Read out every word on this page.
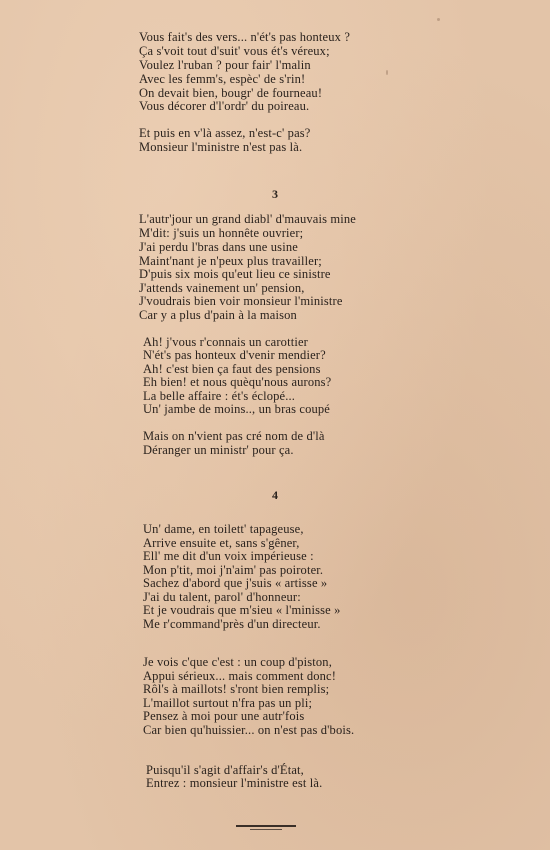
Vous fait's des vers... n'ét's pas honteux ?
Ça s'voit tout d'suit' vous ét's véreux;
Voulez l'ruban ? pour fair' l'malin
Avec les femm's, espèc' de s'rin!
On devait bien, bougr' de fourneau!
Vous décorer d'l'ordr' du poireau.
Et puis en v'là assez, n'est-c' pas?
Monsieur l'ministre n'est pas là.
3
L'autr'jour un grand diabl' d'mauvais mine
M'dit: j'suis un honnête ouvrier;
J'ai perdu l'bras dans une usine
Maint'nant je n'peux plus travailler;
D'puis six mois qu'eut lieu ce sinistre
J'attends vainement un' pension,
J'voudrais bien voir monsieur l'ministre
Car y a plus d'pain à la maison
Ah! j'vous r'connais un carottier
N'ét's pas honteux d'venir mendier?
Ah! c'est bien ça faut des pensions
Eh bien! et nous quèqu'nous aurons?
La belle affaire : ét's éclopé...
Un' jambe de moins.., un bras coupé
Mais on n'vient pas cré nom de d'là
Déranger un ministr' pour ça.
4
Un' dame, en toilett' tapageuse,
Arrive ensuite et, sans s'gêner,
Ell' me dit d'un voix impérieuse :
Mon p'tit, moi j'n'aim' pas poiroter.
Sachez d'abord que j'suis « artisse »
J'ai du talent, parol' d'honneur:
Et je voudrais que m'sieu « l'minisse »
Me r'command'près d'un directeur.
Je vois c'que c'est : un coup d'piston,
Appui sérieux... mais comment donc!
Rôl's à maillots! s'ront bien remplis;
L'maillot surtout n'fra pas un pli;
Pensez à moi pour une autr'fois
Car bien qu'huissier... on n'est pas d'bois.
Puisqu'il s'agit d'affair's d'État,
Entrez : monsieur l'ministre est là.
